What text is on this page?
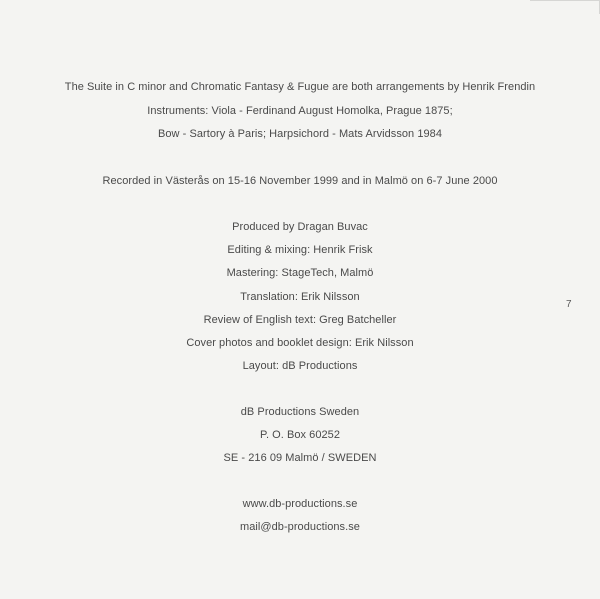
The Suite in C minor and Chromatic Fantasy & Fugue are both arrangements by Henrik Frendin
Instruments: Viola - Ferdinand August Homolka, Prague 1875;
Bow - Sartory à Paris; Harpsichord - Mats Arvidsson 1984
Recorded in Västerås on 15-16 November 1999 and in Malmö on 6-7 June 2000
Produced by Dragan Buvac
Editing & mixing: Henrik Frisk
Mastering: StageTech, Malmö
Translation: Erik Nilsson
Review of English text: Greg Batcheller
Cover photos and booklet design: Erik Nilsson
Layout: dB Productions
dB Productions Sweden
P. O. Box 60252
SE - 216 09 Malmö / SWEDEN
www.db-productions.se
mail@db-productions.se
7
